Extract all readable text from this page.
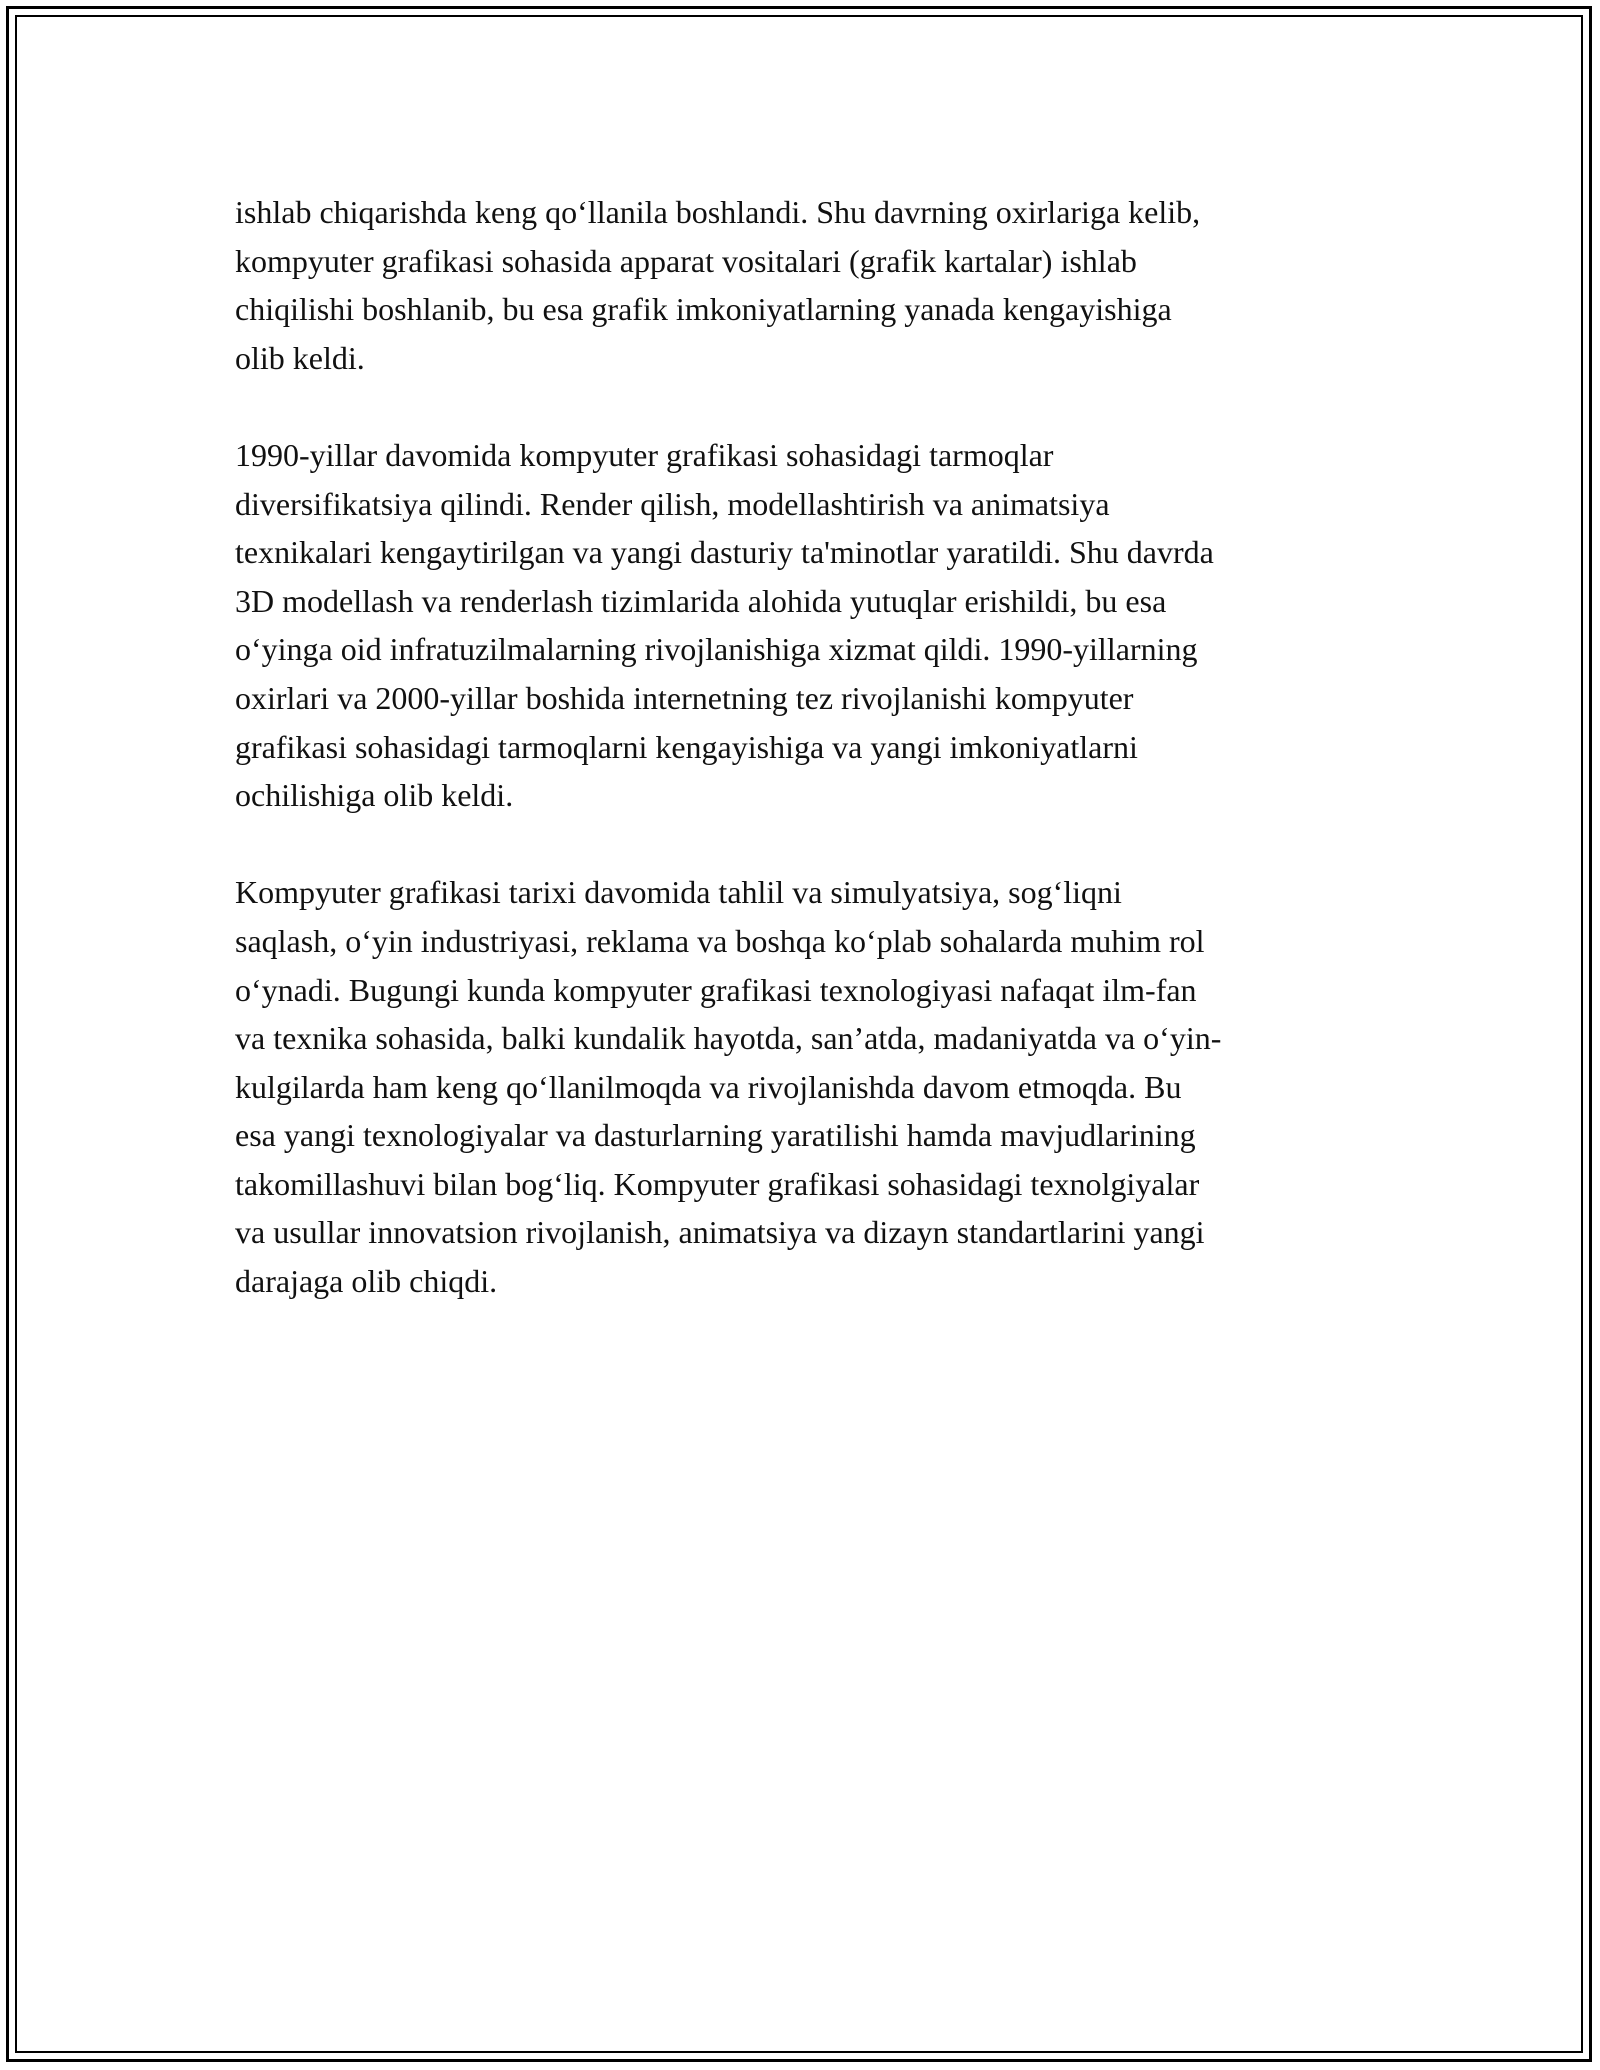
ishlab chiqarishda keng qo‘llanila boshlandi. Shu davrning oxirlariga kelib,
kompyuter grafikasi sohasida apparat vositalari (grafik kartalar) ishlab
chiqilishi boshlanib, bu esa grafik imkoniyatlarning yanada kengayishiga
olib keldi.

1990-yillar davomida kompyuter grafikasi sohasidagi tarmoqlar
diversifikatsiya qilindi. Render qilish, modellashtirish va animatsiya
texnikalari kengaytirilgan va yangi dasturiy ta'minotlar yaratildi. Shu davrda
3D modellash va renderlash tizimlarida alohida yutuqlar erishildi, bu esa
o‘yinga oid infratuzilmalarning rivojlanishiga xizmat qildi. 1990-yillarning
oxirlari va 2000-yillar boshida internetning tez rivojlanishi kompyuter
grafikasi sohasidagi tarmoqlarni kengayishiga va yangi imkoniyatlarni
ochilishiga olib keldi.

Kompyuter grafikasi tarixi davomida tahlil va simulyatsiya, sog‘liqni
saqlash, o‘yin industriyasi, reklama va boshqa ko‘plab sohalarda muhim rol
o‘ynadi. Bugungi kunda kompyuter grafikasi texnologiyasi nafaqat ilm-fan
va texnika sohasida, balki kundalik hayotda, san’atda, madaniyatda va o‘yin-
kulgilarda ham keng qo‘llanilmoqda va rivojlanishda davom etmoqda. Bu
esa yangi texnologiyalar va dasturlarning yaratilishi hamda mavjudlarining
takomillashuvi bilan bog‘liq. Kompyuter grafikasi sohasidagi texnolgiyalar
va usullar innovatsion rivojlanish, animatsiya va dizayn standartlarini yangi
darajaga olib chiqdi.
